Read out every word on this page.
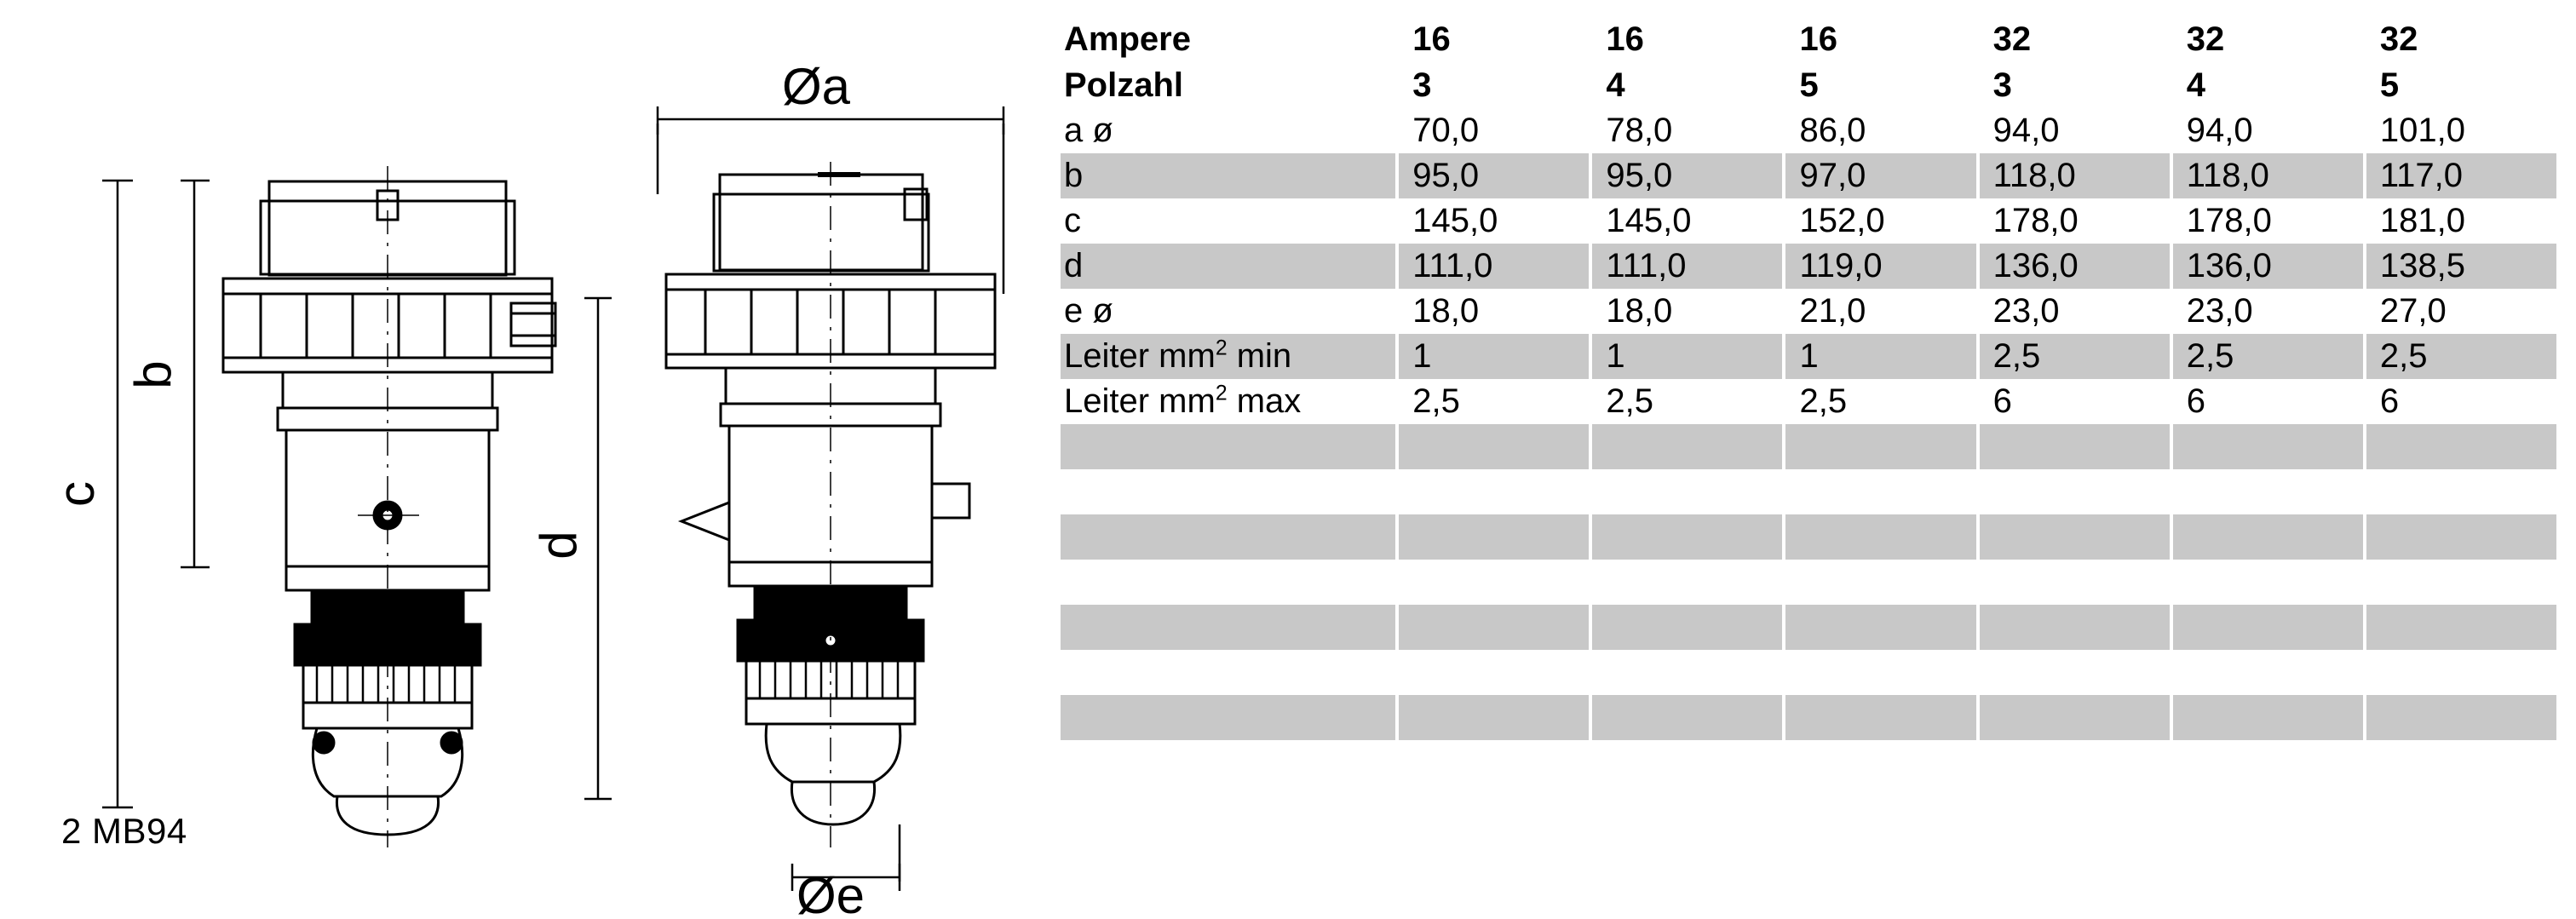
Øa
Øe
b
c
d
2 MB94
Ampere	16	16	16	32	32	32
Polzahl	3	4	5	3	4	5
a ø	70,0	78,0	86,0	94,0	94,0	101,0
b	95,0	95,0	97,0	118,0	118,0	117,0
c	145,0	145,0	152,0	178,0	178,0	181,0
d	111,0	111,0	119,0	136,0	136,0	138,5
e ø	18,0	18,0	21,0	23,0	23,0	27,0
Leiter $mm^2$ min	1	1	1	2,5	2,5	2,5
Leiter $mm^2$ max	2,5	2,5	2,5	6	6	6
